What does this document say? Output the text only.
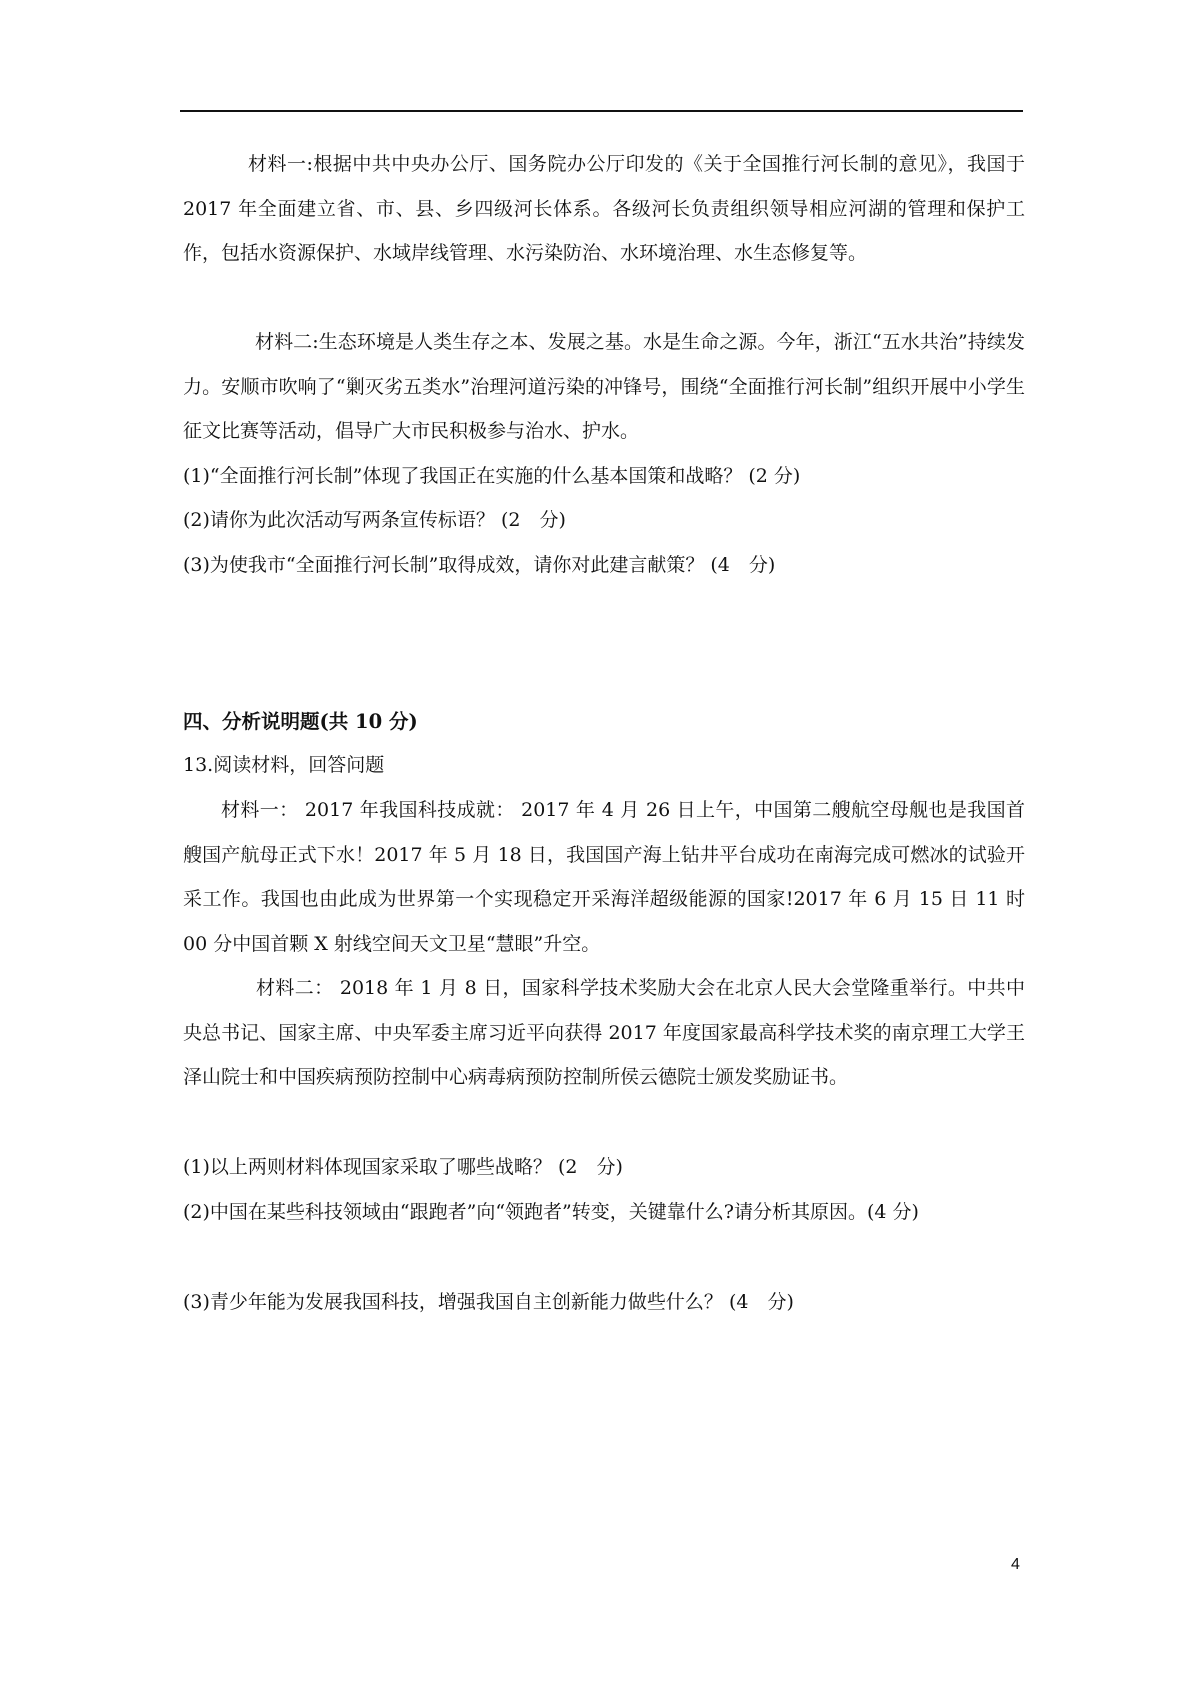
材料一:根据中共中央办公厅、国务院办公厅印发的《关于全国推行河长制的意见》，我国于 2017 年全面建立省、市、县、乡四级河长体系。各级河长负责组织领导相应河湖的管理和保护工作，包括水资源保护、水域岸线管理、水污染防治、水环境治理、水生态修复等。

材料二:生态环境是人类生存之本、发展之基。水是生命之源。今年，浙江“五水共治”持续发力。安顺市吹响了“剿灭劣五类水”治理河道污染的冲锋号，围绕“全面推行河长制”组织开展中小学生征文比赛等活动，倡导广大市民积极参与治水、护水。

(1)“全面推行河长制”体现了我国正在实施的什么基本国策和战略？ (2 分)

(2)请你为此次活动写两条宣传标语？ (2　分)

(3)为使我市“全面推行河长制”取得成效，请你对此建言献策？ (4　分)

四、分析说明题(共 10 分)

13.阅读材料，回答问题

材料一： 2017 年我国科技成就： 2017 年 4 月 26 日上午，中国第二艘航空母舰也是我国首艘国产航母正式下水！2017 年 5 月 18 日，我国国产海上钻井平台成功在南海完成可燃冰的试验开采工作。我国也由此成为世界第一个实现稳定开采海洋超级能源的国家!2017 年 6 月 15 日 11 时 00 分中国首颗 X 射线空间天文卫星“慧眼”升空。

材料二： 2018 年 1 月 8 日，国家科学技术奖励大会在北京人民大会堂隆重举行。中共中央总书记、国家主席、中央军委主席习近平向获得 2017 年度国家最高科学技术奖的南京理工大学王泽山院士和中国疾病预防控制中心病毒病预防控制所侯云德院士颁发奖励证书。

(1)以上两则材料体现国家采取了哪些战略？ (2　分)

(2)中国在某些科技领域由“跟跑者”向“领跑者”转变，关键靠什么?请分析其原因。(4 分)

(3)青少年能为发展我国科技，增强我国自主创新能力做些什么？ (4　分)

4
